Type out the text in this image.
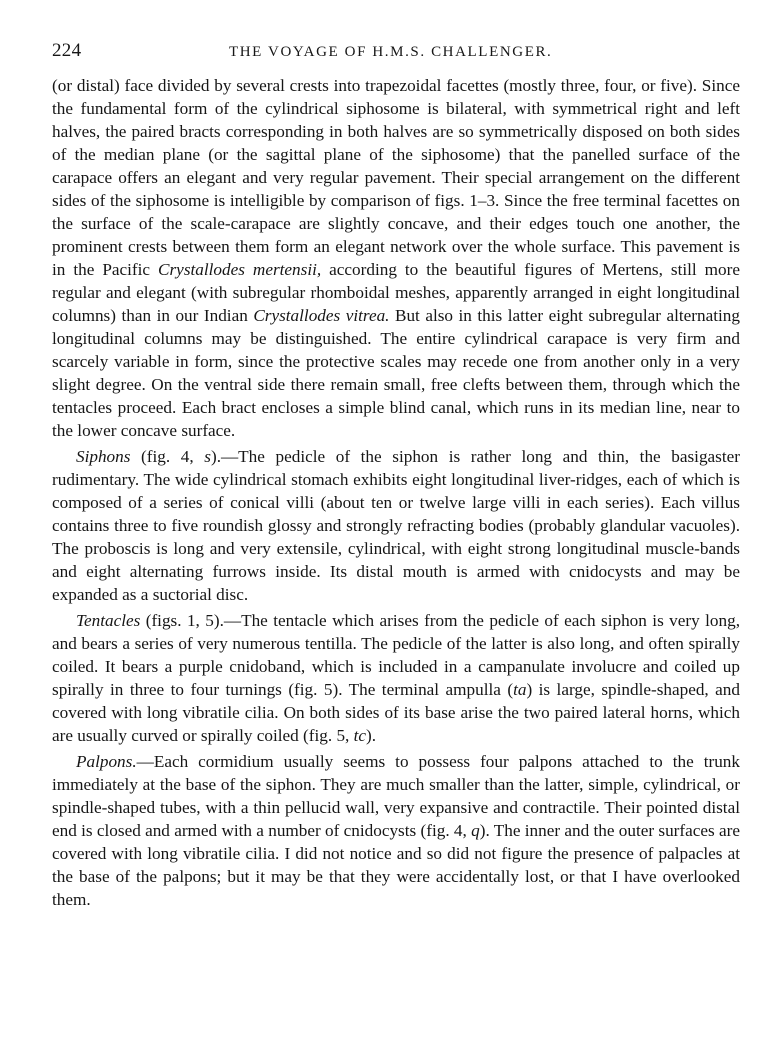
224	THE VOYAGE OF H.M.S. CHALLENGER.

(or distal) face divided by several crests into trapezoidal facettes (mostly three, four, or five). Since the fundamental form of the cylindrical siphosome is bilateral, with symmetrical right and left halves, the paired bracts corresponding in both halves are so symmetrically disposed on both sides of the median plane (or the sagittal plane of the siphosome) that the panelled surface of the carapace offers an elegant and very regular pavement. Their special arrangement on the different sides of the siphosome is intelligible by comparison of figs. 1–3. Since the free terminal facettes on the surface of the scale-carapace are slightly concave, and their edges touch one another, the prominent crests between them form an elegant network over the whole surface. This pavement is in the Pacific Crystallodes mertensii, according to the beautiful figures of Mertens, still more regular and elegant (with subregular rhomboidal meshes, apparently arranged in eight longitudinal columns) than in our Indian Crystallodes vitrea. But also in this latter eight subregular alternating longitudinal columns may be distinguished. The entire cylindrical carapace is very firm and scarcely variable in form, since the protective scales may recede one from another only in a very slight degree. On the ventral side there remain small, free clefts between them, through which the tentacles proceed. Each bract encloses a simple blind canal, which runs in its median line, near to the lower concave surface.

Siphons (fig. 4, s).—The pedicle of the siphon is rather long and thin, the basigaster rudimentary. The wide cylindrical stomach exhibits eight longitudinal liver-ridges, each of which is composed of a series of conical villi (about ten or twelve large villi in each series). Each villus contains three to five roundish glossy and strongly refracting bodies (probably glandular vacuoles). The proboscis is long and very extensile, cylindrical, with eight strong longitudinal muscle-bands and eight alternating furrows inside. Its distal mouth is armed with cnidocysts and may be expanded as a suctorial disc.

Tentacles (figs. 1, 5).—The tentacle which arises from the pedicle of each siphon is very long, and bears a series of very numerous tentilla. The pedicle of the latter is also long, and often spirally coiled. It bears a purple cnidoband, which is included in a campanulate involucre and coiled up spirally in three to four turnings (fig. 5). The terminal ampulla (ta) is large, spindle-shaped, and covered with long vibratile cilia. On both sides of its base arise the two paired lateral horns, which are usually curved or spirally coiled (fig. 5, tc).

Palpons.—Each cormidium usually seems to possess four palpons attached to the trunk immediately at the base of the siphon. They are much smaller than the latter, simple, cylindrical, or spindle-shaped tubes, with a thin pellucid wall, very expansive and contractile. Their pointed distal end is closed and armed with a number of cnidocysts (fig. 4, q). The inner and the outer surfaces are covered with long vibratile cilia. I did not notice and so did not figure the presence of palpacles at the base of the palpons; but it may be that they were accidentally lost, or that I have overlooked them.
